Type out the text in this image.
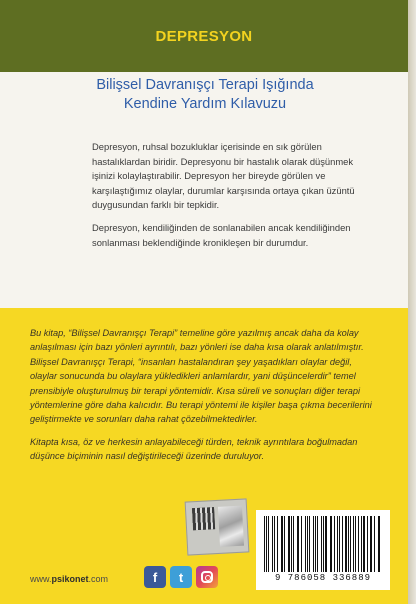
DEPRESYON
Bilişsel Davranışçı Terapi Işığında
Kendine Yardım Kılavuzu

Depresyon, ruhsal bozukluklar içerisinde en sık görülen hastalıklardan biridir. Depresyonu bir hastalık olarak düşünmek işinizi kolaylaştırabilir. Depresyon her bireyde görülen ve karşılaştığımız olaylar, durumlar karşısında ortaya çıkan üzüntü duygusundan farklı bir tepkidir.

Depresyon, kendiliğinden de sonlanabilen ancak kendiliğinden sonlanması beklendiğinde kronikleşen bir durumdur.

Bu kitap, “Bilişsel Davranışçı Terapi” temeline göre yazılmış ancak daha da kolay anlaşılması için bazı yönleri ayrıntılı, bazı yönleri ise daha kısa olarak anlatılmıştır. Bilişsel Davranışçı Terapi, “insanları hastalandıran şey yaşadıkları olaylar değil, olaylar sonucunda bu olaylara yükledikleri anlamlardır, yani düşüncelerdir” temel prensibiyle oluşturulmuş bir terapi yöntemidir. Kısa süreli ve sonuçları diğer terapi yöntemlerine göre daha kalıcıdır. Bu terapi yöntemi ile kişiler başa çıkma becerilerini geliştirmekte ve sorunları daha rahat çözebilmektedirler.

Kitapta kısa, öz ve herkesin anlayabileceği türden, teknik ayrıntılara boğulmadan düşünce biçiminin nasıl değiştirileceği üzerinde duruluyor.

www.psikonet.com	f t	9 786058 336889
